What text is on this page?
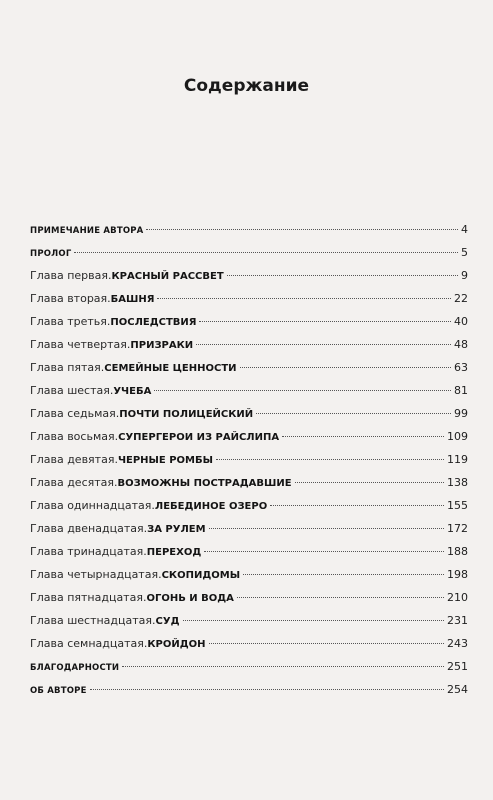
Содержание
ПРИМЕЧАНИЕ АВТОРА	4
ПРОЛОГ	5
Глава первая. КРАСНЫЙ РАССВЕТ	9
Глава вторая. БАШНЯ	22
Глава третья. ПОСЛЕДСТВИЯ	40
Глава четвертая. ПРИЗРАКИ	48
Глава пятая. СЕМЕЙНЫЕ ЦЕННОСТИ	63
Глава шестая. УЧЕБА	81
Глава седьмая. ПОЧТИ ПОЛИЦЕЙСКИЙ	99
Глава восьмая. СУПЕРГЕРОИ ИЗ РАЙСЛИПА	109
Глава девятая. ЧЕРНЫЕ РОМБЫ	119
Глава десятая. ВОЗМОЖНЫ ПОСТРАДАВШИЕ	138
Глава одиннадцатая. ЛЕБЕДИНОЕ ОЗЕРО	155
Глава двенадцатая. ЗА РУЛЕМ	172
Глава тринадцатая. ПЕРЕХОД	188
Глава четырнадцатая. СКОПИДОМЫ	198
Глава пятнадцатая. ОГОНЬ И ВОДА	210
Глава шестнадцатая. СУД	231
Глава семнадцатая. КРОЙДОН	243
БЛАГОДАРНОСТИ	251
ОБ АВТОРЕ	254
